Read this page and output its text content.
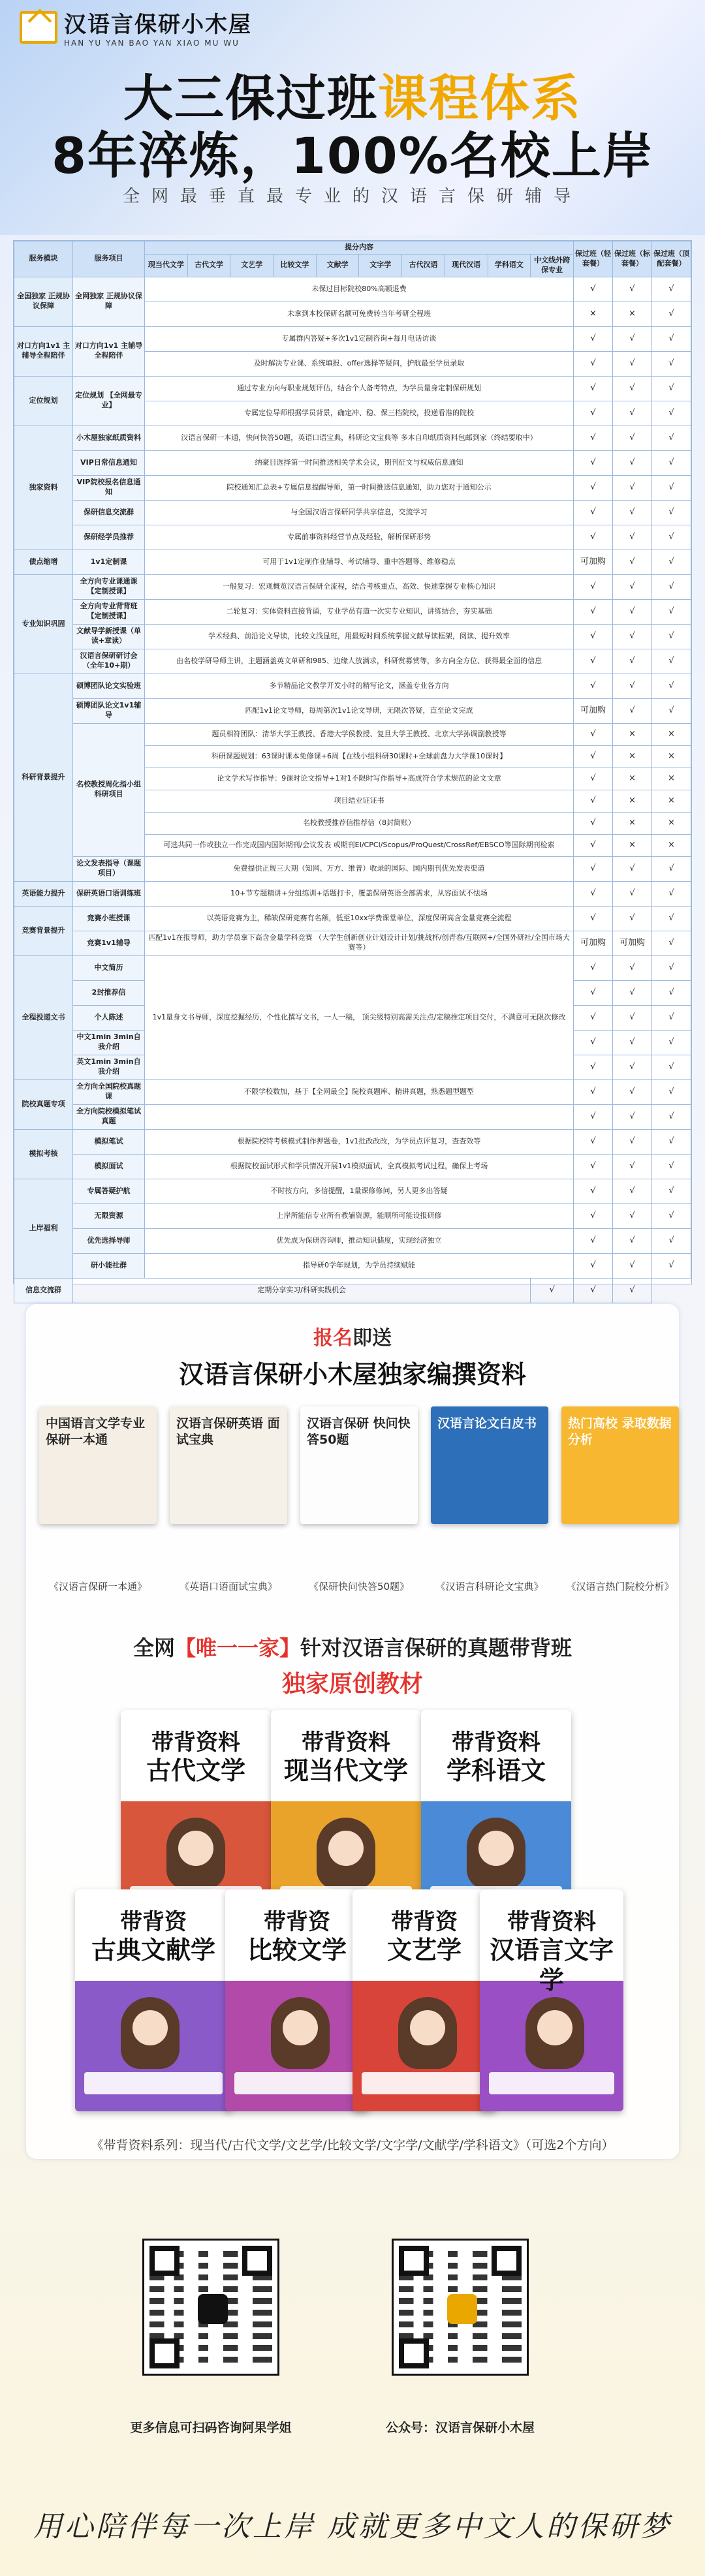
汉语言保研小木屋
HAN YU YAN BAO YAN XIAO MU WU
大三保过班课程体系
8年淬炼，100%名校上岸
全网最垂直最专业的汉语言保研辅导
服务模块	服务项目	提分内容										保过班（轻套餐）	保过班（标套餐）	保过班（顶配套餐）
		现当代文学	古代文学	文艺学	比较文学	文献学	文字学	古代汉语	现代汉语	学科语文	中文线外跨保专业			
全国独家 正规协议保障	全网独家 正规协议保障	未保过目标院校80%高额退费										√	√	√
		未拿到本校保研名额可免费转当年考研全程班										×	×	√
对口方向1v1 主辅导全程陪伴	对口方向1v1 主辅导全程陪伴	专属群内答疑+多次1v1定制咨询+每月电话访谈										√	√	√
		及时解决专业课、系统填报、offer选择等疑问，护航最至学员录取										√	√	√
定位规划	定位规划 【全网最专业】	通过专业方向与职业规划评估，结合个人备考特点，为学员量身定制保研规划										√	√	√
		专属定位导师根据学员背景，确定冲、稳、保三档院校，投递看准的院校										√	√	√
独家资料	小木屋独家纸质资料	汉语言保研一本通，快问快答50题，英语口语宝典，科研论文宝典等 多本自印纸质资料包邮到家（终结要取中）										√	√	√
	VIP日常信息通知	纳豪目选择第一时间推送相关学术会议，期刊征文与权威信息通知										√	√	√
	VIP院校报名信息通知	院校通知汇总表+专属信息提醒导师，第一时间推送信息通知，助力您对于通知公示										√	√	√
	保研信息交流群	与全国汉语言保研同学共享信息，交流学习										√	√	√
	保研经学员推荐	专属前事资料经营节点及经验，解析保研形势										√	√	√
债点缩增	1v1定制课	可用于1v1定制作业辅导、考试辅导、重中答题等、维修稳点										可加购	√	√
专业知识巩固	全方向专业课通课 【定制授课】	一般复习：宏观概览汉语言保研全流程，结合考核重点、高效、快速掌握专业核心知识										√	√	√
	全方向专业背背班 【定制授课】	二轮复习：实体资料直接背诵，专业学员有道一次实专业知识，讲练结合，夯实基础										√	√	√
	文献导学新授课（单读+章读）	学术经典、前沿论文导读，比较文浅显班，用最短时间系统掌握文献导读框架，阅读、提升效率										√	√	√
	汉语言保研研讨会（全年10+期）	由名校学研导师主讲，主题涵盖英文单研和985、边缘人放满求，科研赏募赏等，多方向全方位、获得最全面的信息										√	√	√
科研背景提升	硕博团队论文实验班	多节精品论文教学开发小时的精写论文，涵盖专业各方向										√	√	√
	硕博团队论文1v1辅导	匹配1v1论文导师，每周第次1v1论文导研，无限次答疑，直至论文完成										可加购	√	√
	名校教授周化指小组科研项目	题员相符团队：清华大学王教授、香港大学侯教授、复旦大学王教授、北京大学孙调副教授等										√	×	×
		科研课题规划：63课时课本免修课+6周【在线小组科研30课时+全球前盘力大学课10课时】										√	×	×
		论文学术写作指导：9课时论文指导+1对1不限时写作指导+高成符合学术规范的论文文章										√	×	×
		项目结业证证书										√	×	×
		名校教授推荐信推荐信（8封简账）										√	×	×
		可选共同一作或独立一作完成国内国际期刊/会议发表 或期刊EI/CPCI/Scopus/ProQuest/CrossRef/EBSCO等国际期刊检索										√	×	×
	论文发表指导（课题项目）	免费提供正规三大期（知网、万方、维普）收录的国际、国内期刊优先发表渠道										√	√	√
英语能力提升	保研英语口语训练班	10+节专题精讲+分组练训+话题打卡，覆盖保研英语全部需求，从容面试不怯场										√	√	√
竞赛背景提升	竞赛小班授课	以英语竞赛为主，稀缺保研竞赛有名额，低至10xx学费课堂单位，深度保研高含金量竞赛全流程										√	√	√
	竞赛1v1辅导	匹配1v1在报导师，助力学员拿下高含金量学科竞赛 （大学生创新创业计划设计计划/挑战杯/创青春/互联网+/全国外研社/全国市场大赛等）										可加购	可加购	√
全程投递文书	中文简历	1v1量身文书导师，深度挖掘经历，个性化撰写文书，一人一稿， 顶尖级特别高需关注点/定稿推定项目交付，不满意可无限次修改										√	√	√
	2封推荐信											√	√	√
	个人陈述											√	√	√
	中文1min 3min自我介绍											√	√	√
	英文1min 3min自我介绍											√	√	√
院校真题专项	全方向全国院校真题课	不限学校数加，基于【全网最全】院校真题库、精讲真题，熟悉题型题型										√	√	√
	全方向院校模拟笔试真题											√	√	√
模拟考核	模拟笔试	根据院校特考核模式制作押题卷，1v1批改改改，为学员点评复习，查查效等										√	√	√
	模拟面试	根据院校面试形式和学员情况开展1v1模拟面试，全真模拟考试过程，确保上考场										√	√	√
上岸福利	专属答疑护航	不时按方向，多信提醒，1量课修修问，另人更多出答疑										√	√	√
	无限资源	上岸所能信专业所有教辅资源，能顺所可能设报研修										√	√	√
	优先选择导师	优先成为保研咨询师，推动知识储度，实现经济独立										√	√	√
	研小能社群	指导研0学年规划，为学员持续赋能										√	√	√
信息交流群	定期分享实习/科研实践机会										√	√	√	
报名即送
汉语言保研小木屋独家编撰资料
中国语言文学专业 保研一本通
汉语言保研英语 面试宝典
汉语言保研 快问快答50题
汉语言论文白皮书	热门高校 录取数据分析
《汉语言保研一本通》	《英语口语面试宝典》	《保研快问快答50题》	《汉语言科研论文宝典》	《汉语言热门院校分析》
全网【唯一一家】针对汉语言保研的真题带背班
独家原创教材
带背资料
古代文学
带背资料
现当代文学
带背资料
学科语文
带背资
古典文献学
带背资
比较文学
带背资
文艺学
带背资料
汉语言文字学
《带背资料系列：现当代/古代文学/文艺学/比较文学/文字学/文献学/学科语文》（可选2个方向）
更多信息可扫码咨询阿果学姐	公众号：汉语言保研小木屋
用心陪伴每一次上岸 成就更多中文人的保研梦
